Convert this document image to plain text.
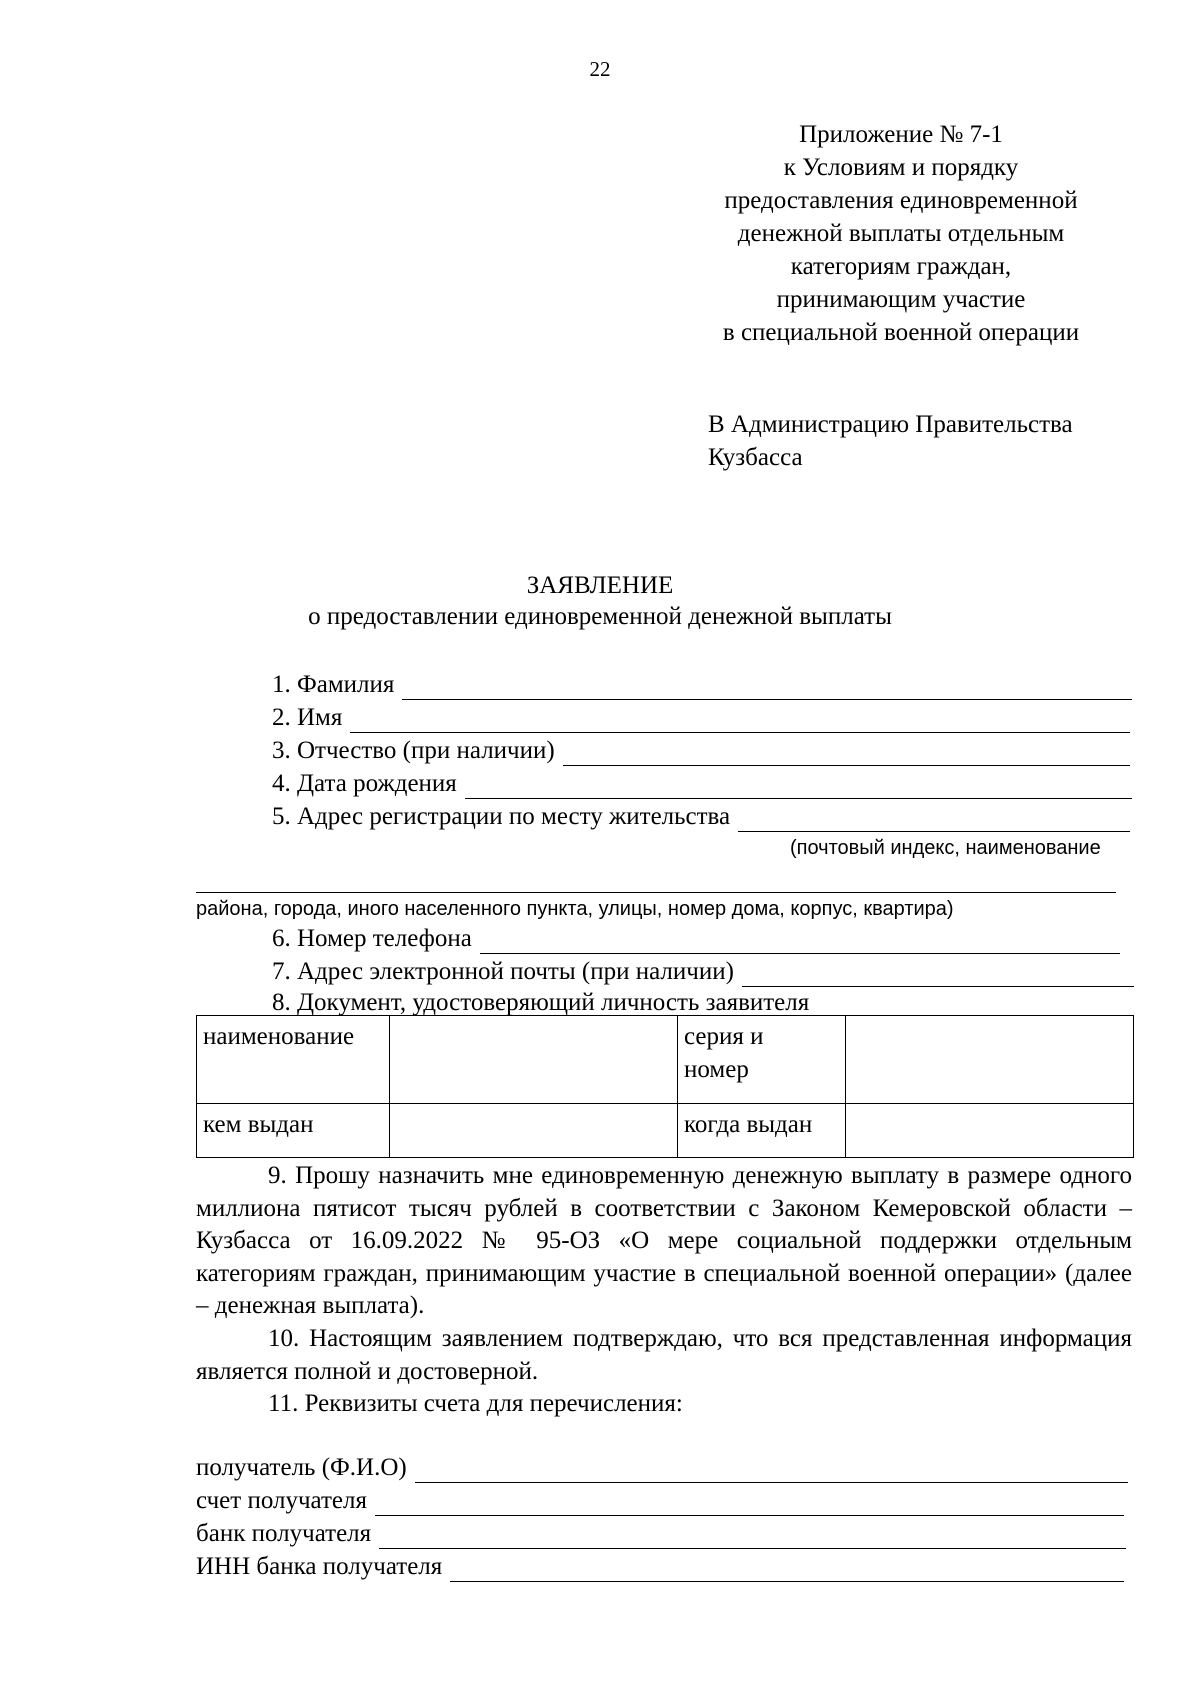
22
Приложение № 7-1
к Условиям и порядку
предоставления единовременной
денежной выплаты отдельным
категориям граждан,
принимающим участие
в специальной военной операции
В Администрацию Правительства
Кузбасса
ЗАЯВЛЕНИЕ
о предоставлении единовременной денежной выплаты
1. Фамилия
2. Имя
3. Отчество (при наличии)
4. Дата рождения
5. Адрес регистрации по месту жительства
(почтовый индекс, наименование
района, города, иного населенного пункта, улицы, номер дома, корпус, квартира)
6. Номер телефона
7. Адрес электронной почты (при наличии)
8. Документ, удостоверяющий личность заявителя
наименование		серия и
номер	

кем выдан		когда выдан	

9. Прошу назначить мне единовременную денежную выплату в размере одного миллиона пятисот тысяч рублей в соответствии с Законом Кемеровской области – Кузбасса от 16.09.2022 № 95-ОЗ «О мере социальной поддержки отдельным категориям граждан, принимающим участие в специальной военной операции» (далее – денежная выплата).

10. Настоящим заявлением подтверждаю, что вся представленная информация является полной и достоверной.

11. Реквизиты счета для перечисления:

получатель (Ф.И.О)
счет получателя
банк получателя
ИНН банка получателя
